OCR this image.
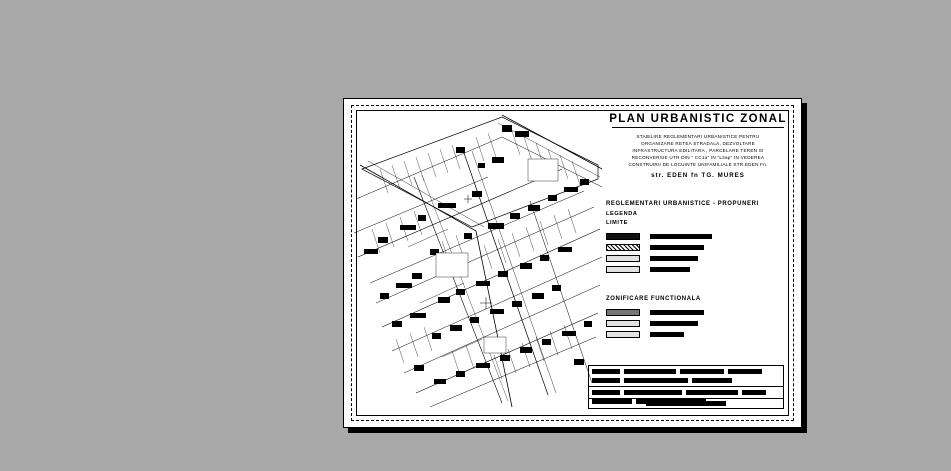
PLAN URBANISTIC ZONAL
STABILIRE REGLEMENTARI URBANISTICE PENTRU
ORGANIZARE RETEA STRADALA, DEZVOLTARE
INFRASTRUCTURA EDILITARA , PARCELARE TEREN SI
RECONVERSIE UTR DIN " CC1a" IN "L3ap" IN VEDEREA
CONSTRUIRII DE LOCUINTE UNIFAMILIALE STR.EDEN Fn.
str. EDEN fn TG. MURES
REGLEMENTARI URBANISTICE - PROPUNERI
LEGENDA
LIMITE
ZONIFICARE FUNCTIONALA
